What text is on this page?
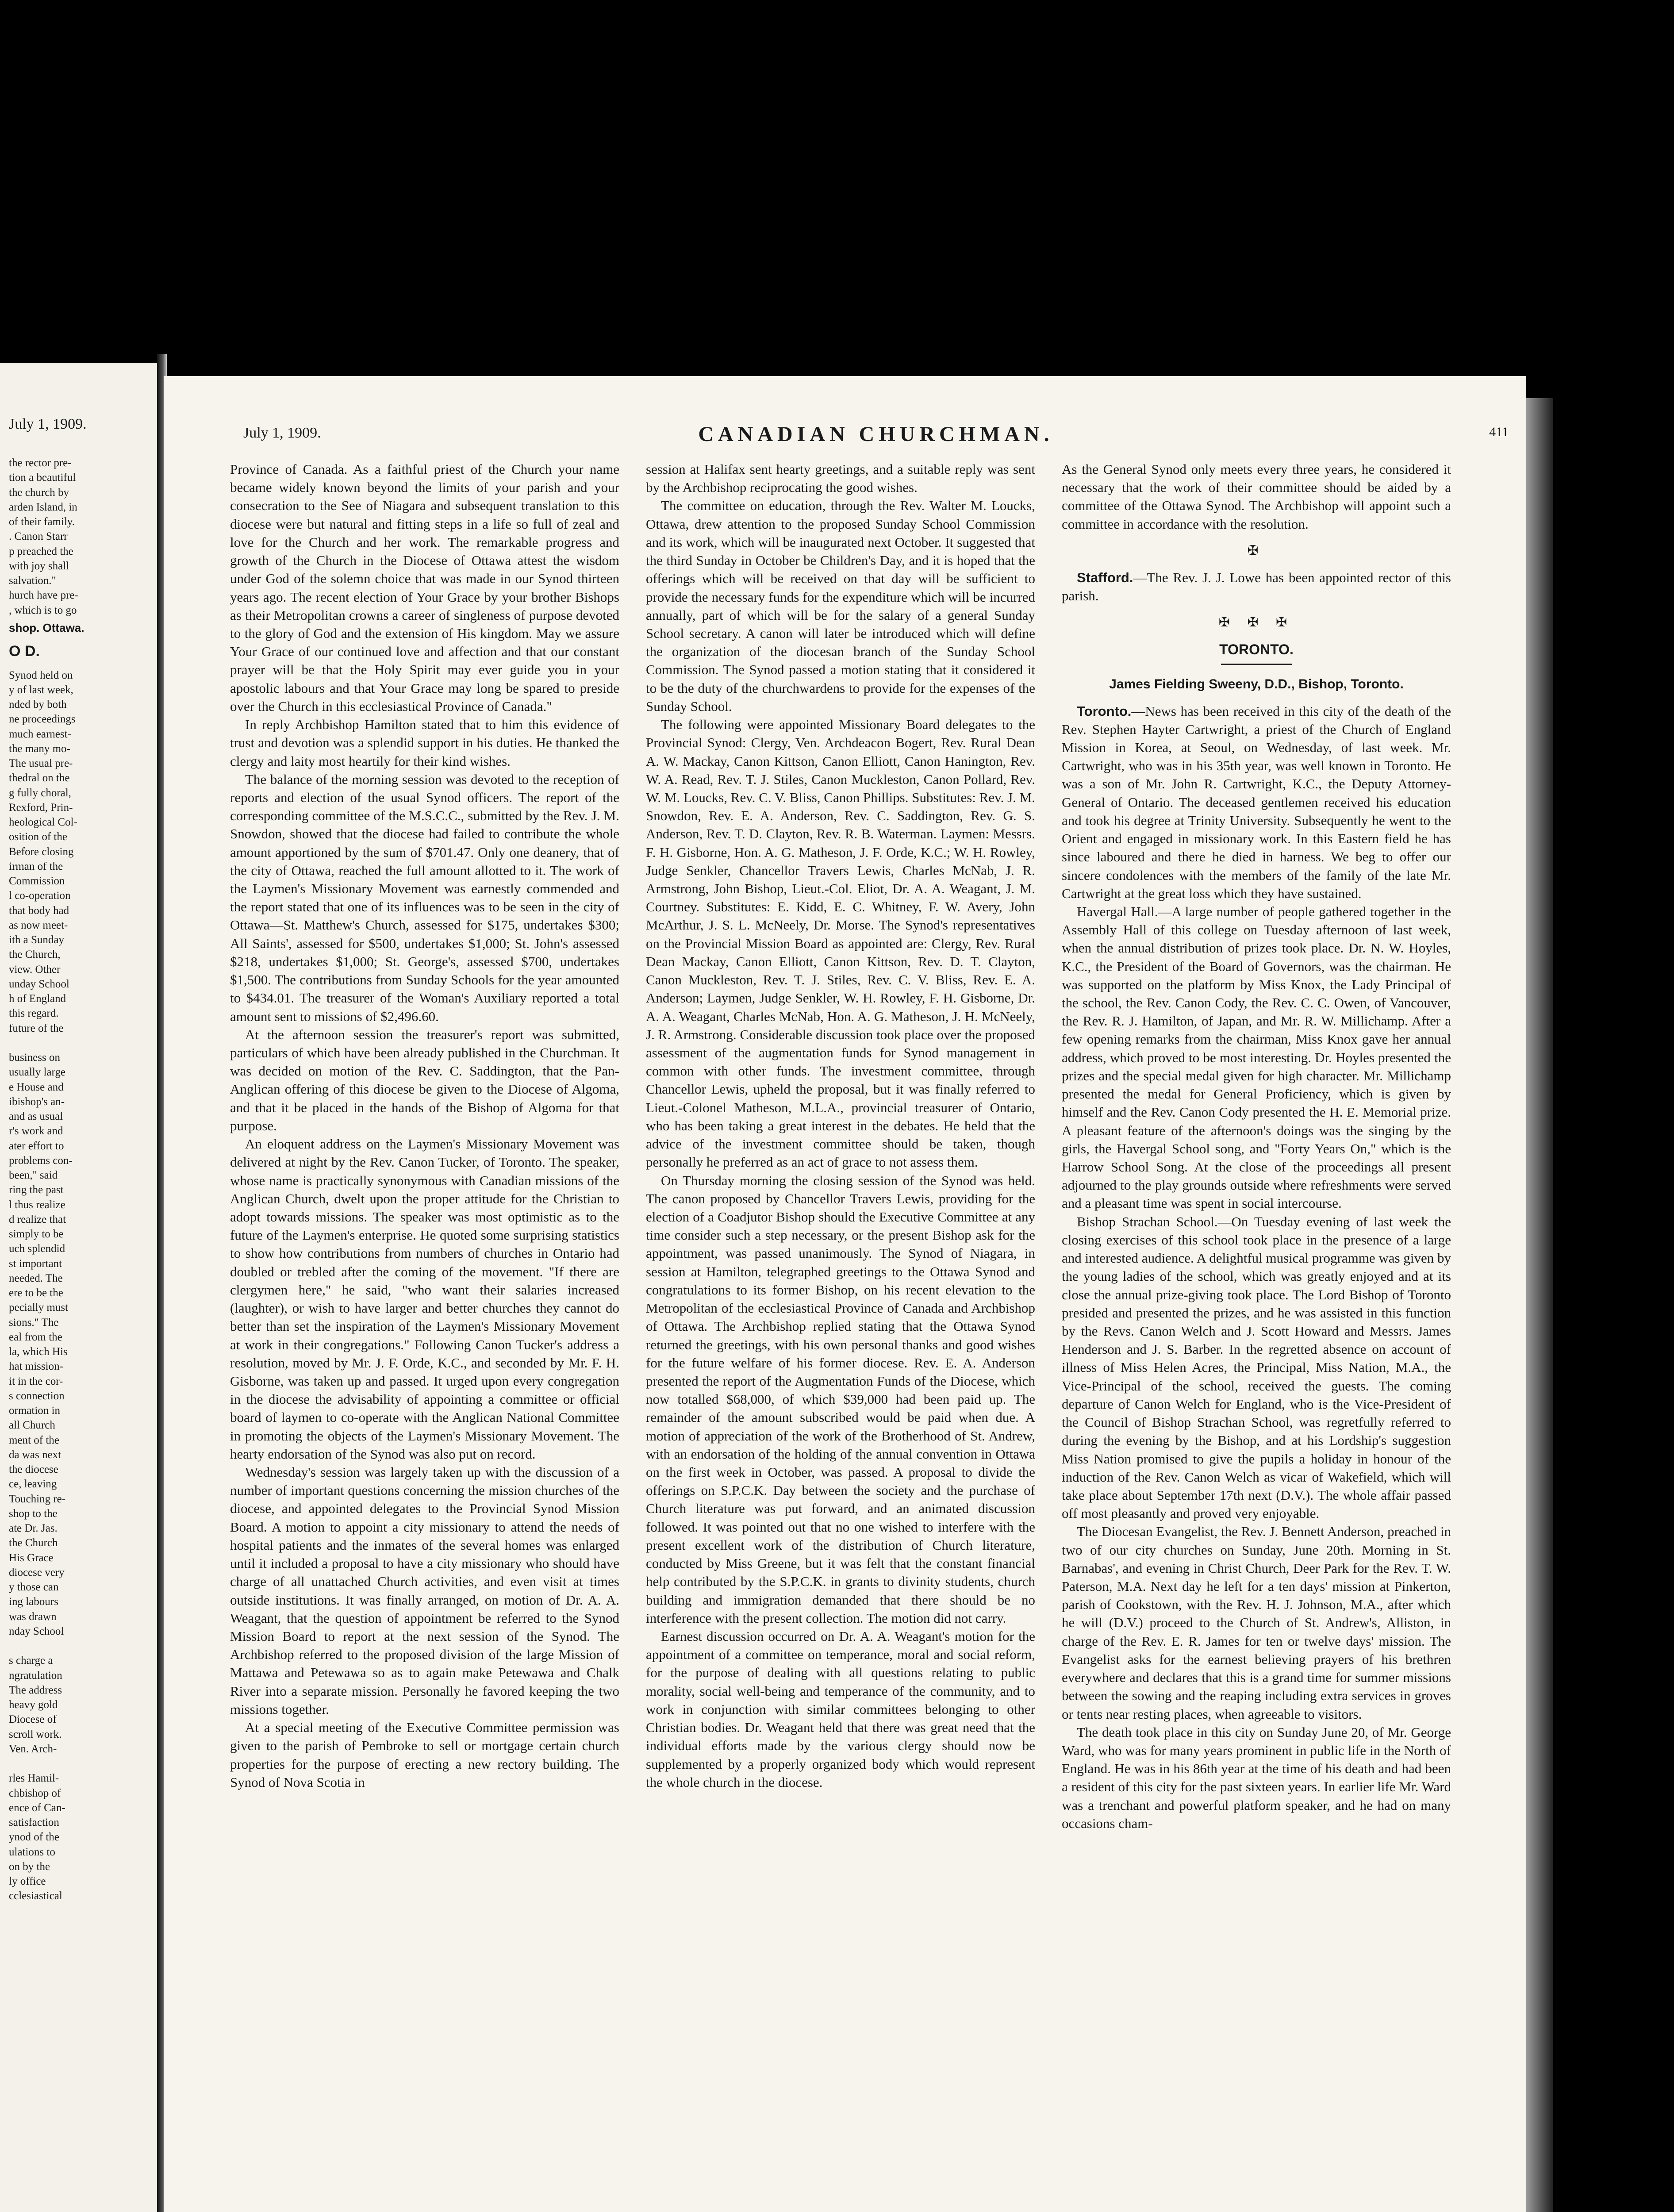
July 1, 1909.

the rector pre-

tion a beautiful

the church by

arden Island, in

of their family.

. Canon Starr

p preached the

with joy shall

salvation."

hurch have pre-

, which is to go

shop. Ottawa.

O D.

Synod held on

y of last week,

nded by both

ne proceedings

much earnest-

the many mo-

The usual pre-

thedral on the

g fully choral,

Rexford, Prin-

heological Col-

osition of the

Before closing

irman of the

Commission

l co-operation

that body had

as now meet-

ith a Sunday

the Church,

view. Other

unday School

h of England

this regard.

future of the

business on

usually large

e House and

ibishop's an-

and as usual

r's work and

ater effort to

problems con-

been," said

ring the past

l thus realize

d realize that

simply to be

uch splendid

st important

needed. The

ere to be the

pecially must

sions." The

eal from the

la, which His

hat mission-

it in the cor-

s connection

ormation in

all Church

ment of the

da was next

the diocese

ce, leaving

Touching re-

shop to the

ate Dr. Jas.

the Church

His Grace

diocese very

y those can

ing labours

was drawn

nday School

s charge a

ngratulation

The address

heavy gold

Diocese of

scroll work.

Ven. Arch-

rles Hamil-

chbishop of

ence of Can-

satisfaction

ynod of the

ulations to

on by the

ly office

cclesiastical

July 1, 1909.	CANADIAN CHURCHMAN.	411

Province of Canada. As a faithful priest of the Church your name became widely known beyond the limits of your parish and your consecration to the See of Niagara and subsequent translation to this diocese were but natural and fitting steps in a life so full of zeal and love for the Church and her work. The remarkable progress and growth of the Church in the Diocese of Ottawa attest the wisdom under God of the solemn choice that was made in our Synod thirteen years ago. The recent election of Your Grace by your brother Bishops as their Metropolitan crowns a career of singleness of purpose devoted to the glory of God and the extension of His kingdom. May we assure Your Grace of our continued love and affection and that our constant prayer will be that the Holy Spirit may ever guide you in your apostolic labours and that Your Grace may long be spared to preside over the Church in this ecclesiastical Province of Canada."

In reply Archbishop Hamilton stated that to him this evidence of trust and devotion was a splendid support in his duties. He thanked the clergy and laity most heartily for their kind wishes.

The balance of the morning session was devoted to the reception of reports and election of the usual Synod officers. The report of the corresponding committee of the M.S.C.C., submitted by the Rev. J. M. Snowdon, showed that the diocese had failed to contribute the whole amount apportioned by the sum of $701.47. Only one deanery, that of the city of Ottawa, reached the full amount allotted to it. The work of the Laymen's Missionary Movement was earnestly commended and the report stated that one of its influences was to be seen in the city of Ottawa—St. Matthew's Church, assessed for $175, undertakes $300; All Saints', assessed for $500, undertakes $1,000; St. John's assessed $218, undertakes $1,000; St. George's, assessed $700, undertakes $1,500. The contributions from Sunday Schools for the year amounted to $434.01. The treasurer of the Woman's Auxiliary reported a total amount sent to missions of $2,496.60.

At the afternoon session the treasurer's report was submitted, particulars of which have been already published in the Churchman. It was decided on motion of the Rev. C. Saddington, that the Pan-Anglican offering of this diocese be given to the Diocese of Algoma, and that it be placed in the hands of the Bishop of Algoma for that purpose.

An eloquent address on the Laymen's Missionary Movement was delivered at night by the Rev. Canon Tucker, of Toronto. The speaker, whose name is practically synonymous with Canadian missions of the Anglican Church, dwelt upon the proper attitude for the Christian to adopt towards missions. The speaker was most optimistic as to the future of the Laymen's enterprise. He quoted some surprising statistics to show how contributions from numbers of churches in Ontario had doubled or trebled after the coming of the movement. "If there are clergymen here," he said, "who want their salaries increased (laughter), or wish to have larger and better churches they cannot do better than set the inspiration of the Laymen's Missionary Movement at work in their congregations." Following Canon Tucker's address a resolution, moved by Mr. J. F. Orde, K.C., and seconded by Mr. F. H. Gisborne, was taken up and passed. It urged upon every congregation in the diocese the advisability of appointing a committee or official board of laymen to co-operate with the Anglican National Committee in promoting the objects of the Laymen's Missionary Movement. The hearty endorsation of the Synod was also put on record.

Wednesday's session was largely taken up with the discussion of a number of important questions concerning the mission churches of the diocese, and appointed delegates to the Provincial Synod Mission Board. A motion to appoint a city missionary to attend the needs of hospital patients and the inmates of the several homes was enlarged until it included a proposal to have a city missionary who should have charge of all unattached Church activities, and even visit at times outside institutions. It was finally arranged, on motion of Dr. A. A. Weagant, that the question of appointment be referred to the Synod Mission Board to report at the next session of the Synod. The Archbishop referred to the proposed division of the large Mission of Mattawa and Petewawa so as to again make Petewawa and Chalk River into a separate mission. Personally he favored keeping the two missions together.

At a special meeting of the Executive Committee permission was given to the parish of Pembroke to sell or mortgage certain church properties for the purpose of erecting a new rectory building. The Synod of Nova Scotia in

session at Halifax sent hearty greetings, and a suitable reply was sent by the Archbishop reciprocating the good wishes.

The committee on education, through the Rev. Walter M. Loucks, Ottawa, drew attention to the proposed Sunday School Commission and its work, which will be inaugurated next October. It suggested that the third Sunday in October be Children's Day, and it is hoped that the offerings which will be received on that day will be sufficient to provide the necessary funds for the expenditure which will be incurred annually, part of which will be for the salary of a general Sunday School secretary. A canon will later be introduced which will define the organization of the diocesan branch of the Sunday School Commission. The Synod passed a motion stating that it considered it to be the duty of the churchwardens to provide for the expenses of the Sunday School.

The following were appointed Missionary Board delegates to the Provincial Synod: Clergy, Ven. Archdeacon Bogert, Rev. Rural Dean A. W. Mackay, Canon Kittson, Canon Elliott, Canon Hanington, Rev. W. A. Read, Rev. T. J. Stiles, Canon Muckleston, Canon Pollard, Rev. W. M. Loucks, Rev. C. V. Bliss, Canon Phillips. Substitutes: Rev. J. M. Snowdon, Rev. E. A. Anderson, Rev. C. Saddington, Rev. G. S. Anderson, Rev. T. D. Clayton, Rev. R. B. Waterman. Laymen: Messrs. F. H. Gisborne, Hon. A. G. Matheson, J. F. Orde, K.C.; W. H. Rowley, Judge Senkler, Chancellor Travers Lewis, Charles McNab, J. R. Armstrong, John Bishop, Lieut.-Col. Eliot, Dr. A. A. Weagant, J. M. Courtney. Substitutes: E. Kidd, E. C. Whitney, F. W. Avery, John McArthur, J. S. L. McNeely, Dr. Morse. The Synod's representatives on the Provincial Mission Board as appointed are: Clergy, Rev. Rural Dean Mackay, Canon Elliott, Canon Kittson, Rev. D. T. Clayton, Canon Muckleston, Rev. T. J. Stiles, Rev. C. V. Bliss, Rev. E. A. Anderson; Laymen, Judge Senkler, W. H. Rowley, F. H. Gisborne, Dr. A. A. Weagant, Charles McNab, Hon. A. G. Matheson, J. H. McNeely, J. R. Armstrong. Considerable discussion took place over the proposed assessment of the augmentation funds for Synod management in common with other funds. The investment committee, through Chancellor Lewis, upheld the proposal, but it was finally referred to Lieut.-Colonel Matheson, M.L.A., provincial treasurer of Ontario, who has been taking a great interest in the debates. He held that the advice of the investment committee should be taken, though personally he preferred as an act of grace to not assess them.

On Thursday morning the closing session of the Synod was held. The canon proposed by Chancellor Travers Lewis, providing for the election of a Coadjutor Bishop should the Executive Committee at any time consider such a step necessary, or the present Bishop ask for the appointment, was passed unanimously. The Synod of Niagara, in session at Hamilton, telegraphed greetings to the Ottawa Synod and congratulations to its former Bishop, on his recent elevation to the Metropolitan of the ecclesiastical Province of Canada and Archbishop of Ottawa. The Archbishop replied stating that the Ottawa Synod returned the greetings, with his own personal thanks and good wishes for the future welfare of his former diocese. Rev. E. A. Anderson presented the report of the Augmentation Funds of the Diocese, which now totalled $68,000, of which $39,000 had been paid up. The remainder of the amount subscribed would be paid when due. A motion of appreciation of the work of the Brotherhood of St. Andrew, with an endorsation of the holding of the annual convention in Ottawa on the first week in October, was passed. A proposal to divide the offerings on S.P.C.K. Day between the society and the purchase of Church literature was put forward, and an animated discussion followed. It was pointed out that no one wished to interfere with the present excellent work of the distribution of Church literature, conducted by Miss Greene, but it was felt that the constant financial help contributed by the S.P.C.K. in grants to divinity students, church building and immigration demanded that there should be no interference with the present collection. The motion did not carry.

Earnest discussion occurred on Dr. A. A. Weagant's motion for the appointment of a committee on temperance, moral and social reform, for the purpose of dealing with all questions relating to public morality, social well-being and temperance of the community, and to work in conjunction with similar committees belonging to other Christian bodies. Dr. Weagant held that there was great need that the individual efforts made by the various clergy should now be supplemented by a properly organized body which would represent the whole church in the diocese.

As the General Synod only meets every three years, he considered it necessary that the work of their committee should be aided by a committee of the Ottawa Synod. The Archbishop will appoint such a committee in accordance with the resolution.

✠

Stafford.—The Rev. J. J. Lowe has been appointed rector of this parish.

✠ ✠ ✠

TORONTO.

James Fielding Sweeny, D.D., Bishop, Toronto.

Toronto.—News has been received in this city of the death of the Rev. Stephen Hayter Cartwright, a priest of the Church of England Mission in Korea, at Seoul, on Wednesday, of last week. Mr. Cartwright, who was in his 35th year, was well known in Toronto. He was a son of Mr. John R. Cartwright, K.C., the Deputy Attorney-General of Ontario. The deceased gentlemen received his education and took his degree at Trinity University. Subsequently he went to the Orient and engaged in missionary work. In this Eastern field he has since laboured and there he died in harness. We beg to offer our sincere condolences with the members of the family of the late Mr. Cartwright at the great loss which they have sustained.

Havergal Hall.—A large number of people gathered together in the Assembly Hall of this college on Tuesday afternoon of last week, when the annual distribution of prizes took place. Dr. N. W. Hoyles, K.C., the President of the Board of Governors, was the chairman. He was supported on the platform by Miss Knox, the Lady Principal of the school, the Rev. Canon Cody, the Rev. C. C. Owen, of Vancouver, the Rev. R. J. Hamilton, of Japan, and Mr. R. W. Millichamp. After a few opening remarks from the chairman, Miss Knox gave her annual address, which proved to be most interesting. Dr. Hoyles presented the prizes and the special medal given for high character. Mr. Millichamp presented the medal for General Proficiency, which is given by himself and the Rev. Canon Cody presented the H. E. Memorial prize. A pleasant feature of the afternoon's doings was the singing by the girls, the Havergal School song, and "Forty Years On," which is the Harrow School Song. At the close of the proceedings all present adjourned to the play grounds outside where refreshments were served and a pleasant time was spent in social intercourse.

Bishop Strachan School.—On Tuesday evening of last week the closing exercises of this school took place in the presence of a large and interested audience. A delightful musical programme was given by the young ladies of the school, which was greatly enjoyed and at its close the annual prize-giving took place. The Lord Bishop of Toronto presided and presented the prizes, and he was assisted in this function by the Revs. Canon Welch and J. Scott Howard and Messrs. James Henderson and J. S. Barber. In the regretted absence on account of illness of Miss Helen Acres, the Principal, Miss Nation, M.A., the Vice-Principal of the school, received the guests. The coming departure of Canon Welch for England, who is the Vice-President of the Council of Bishop Strachan School, was regretfully referred to during the evening by the Bishop, and at his Lordship's suggestion Miss Nation promised to give the pupils a holiday in honour of the induction of the Rev. Canon Welch as vicar of Wakefield, which will take place about September 17th next (D.V.). The whole affair passed off most pleasantly and proved very enjoyable.

The Diocesan Evangelist, the Rev. J. Bennett Anderson, preached in two of our city churches on Sunday, June 20th. Morning in St. Barnabas', and evening in Christ Church, Deer Park for the Rev. T. W. Paterson, M.A. Next day he left for a ten days' mission at Pinkerton, parish of Cookstown, with the Rev. H. J. Johnson, M.A., after which he will (D.V.) proceed to the Church of St. Andrew's, Alliston, in charge of the Rev. E. R. James for ten or twelve days' mission. The Evangelist asks for the earnest believing prayers of his brethren everywhere and declares that this is a grand time for summer missions between the sowing and the reaping including extra services in groves or tents near resting places, when agreeable to visitors.

The death took place in this city on Sunday June 20, of Mr. George Ward, who was for many years prominent in public life in the North of England. He was in his 86th year at the time of his death and had been a resident of this city for the past sixteen years. In earlier life Mr. Ward was a trenchant and powerful platform speaker, and he had on many occasions cham-
